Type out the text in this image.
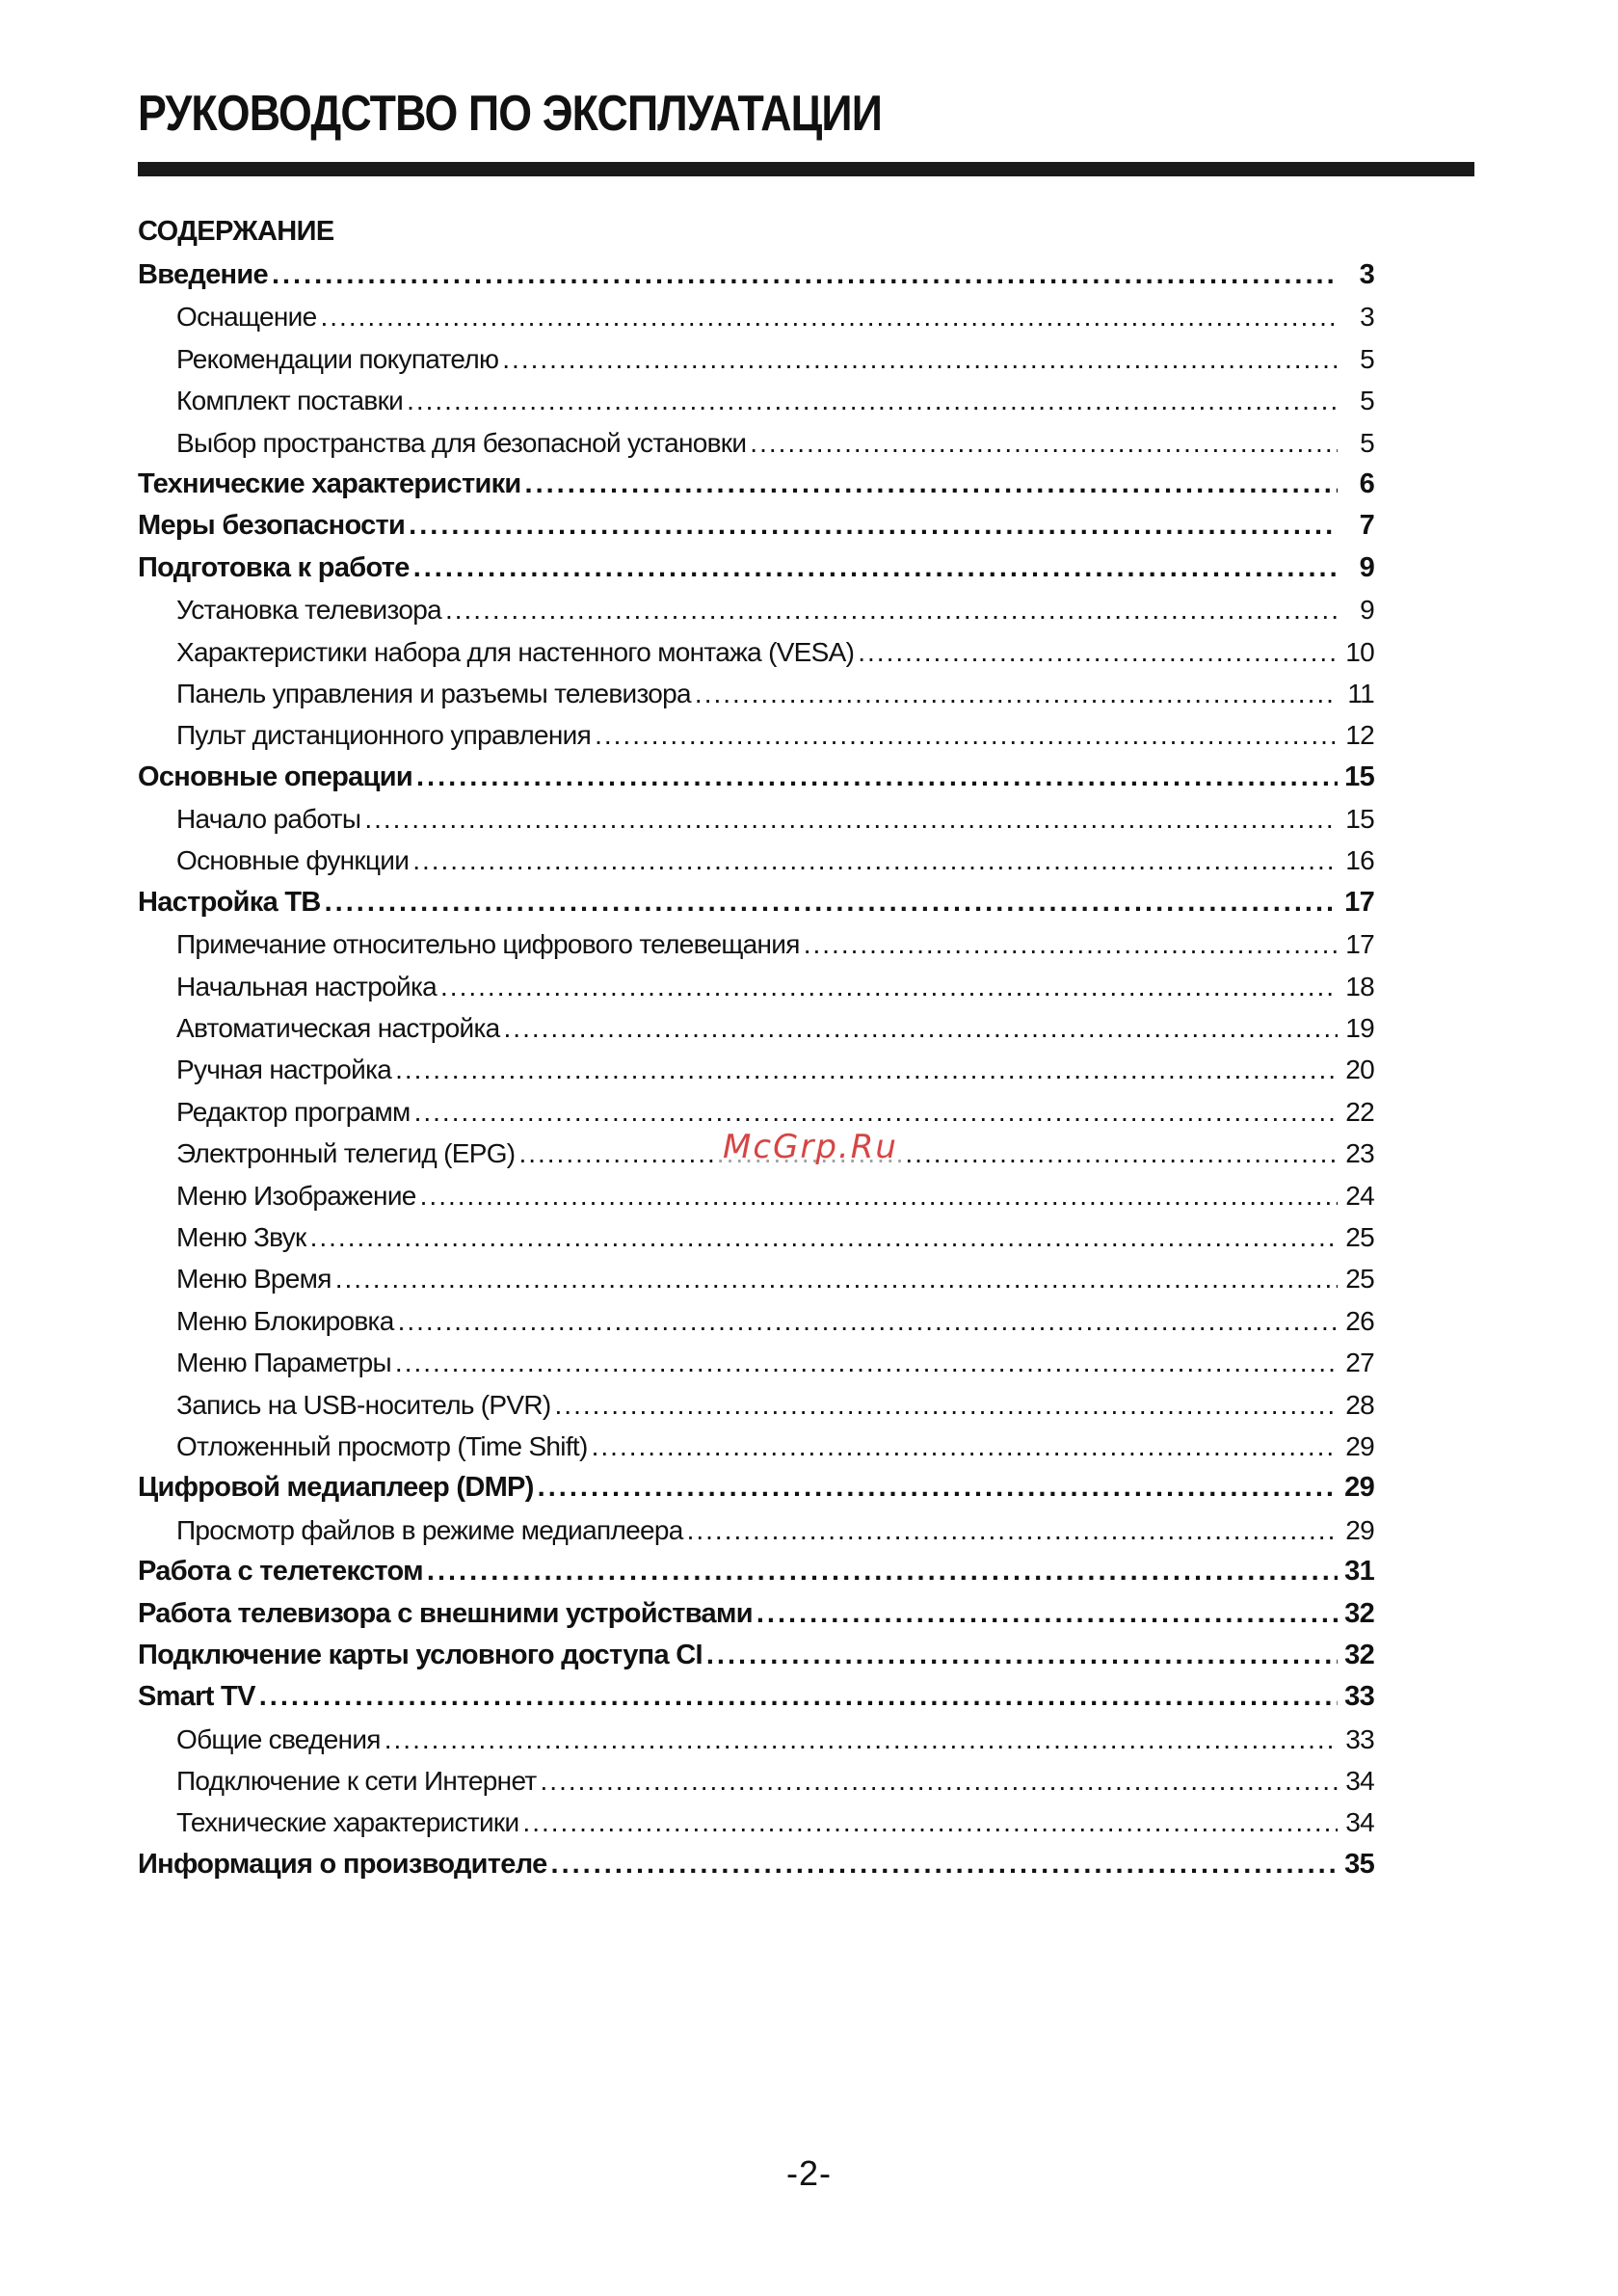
РУКОВОДСТВО ПО ЭКСПЛУАТАЦИИ
СОДЕРЖАНИЕ
Введение .....	3
Оснащение .....	3
Рекомендации покупателю .....	5
Комплект поставки .....	5
Выбор пространства для безопасной установки .....	5
Технические характеристики .....	6
Меры безопасности .....	7
Подготовка к работе .....	9
Установка телевизора .....	9
Характеристики набора для настенного монтажа (VESA) .....	10
Панель управления и разъемы телевизора .....	11
Пульт дистанционного управления .....	12
Основные операции .....	15
Начало работы .....	15
Основные функции .....	16
Настройка ТВ .....	17
Примечание относительно цифрового телевещания .....	17
Начальная настройка .....	18
Автоматическая настройка .....	19
Ручная настройка .....	20
Редактор программ .....	22
Электронный телегид (EPG) .....	23
Меню Изображение .....	24
Меню Звук .....	25
Меню Время .....	25
Меню Блокировка .....	26
Меню Параметры .....	27
Запись на USB-носитель (PVR) .....	28
Отложенный просмотр (Time Shift) .....	29
Цифровой медиаплеер (DMP) .....	29
Просмотр файлов в режиме медиаплеера .....	29
Работа с телетекстом .....	31
Работа телевизора с внешними устройствами .....	32
Подключение карты условного доступа CI .....	32
Smart TV .....	33
Общие сведения .....	33
Подключение к сети Интернет .....	34
Технические характеристики .....	34
Информация о производителе .....	35
McGrp.Ru
-2-
